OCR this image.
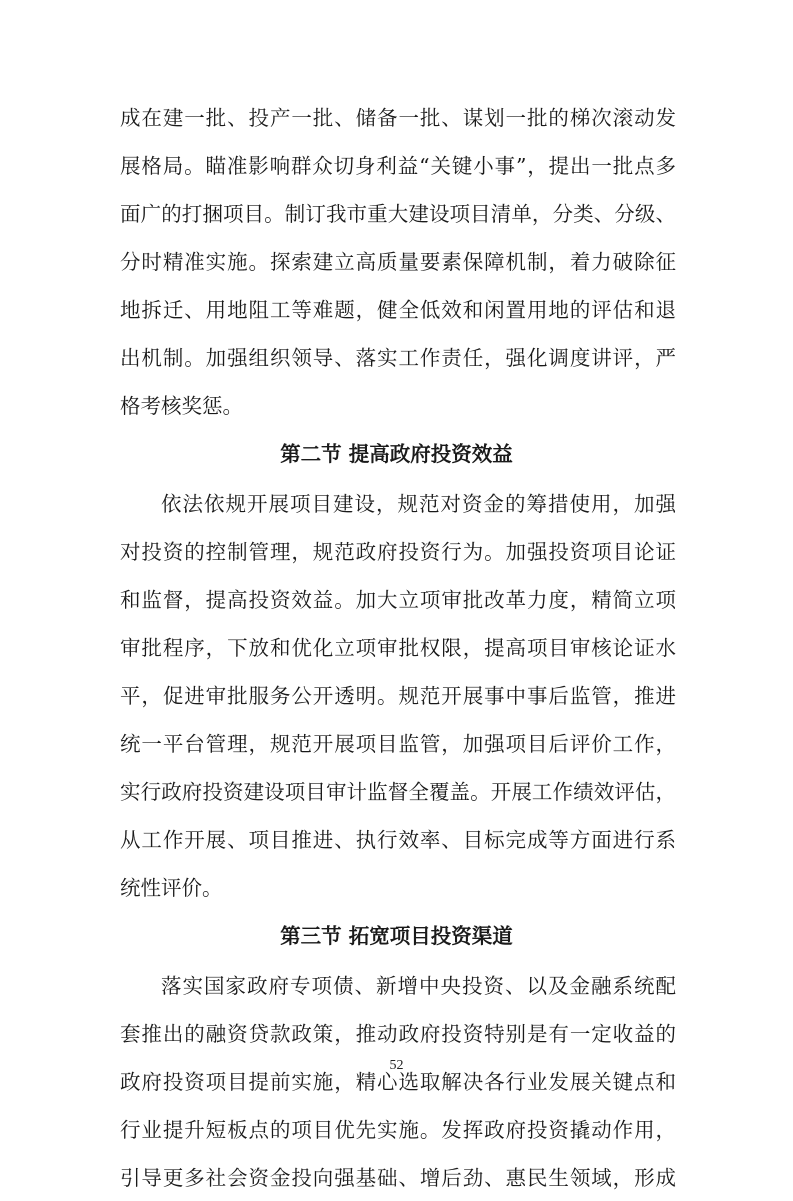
成在建一批、投产一批、储备一批、谋划一批的梯次滚动发
展格局。瞄准影响群众切身利益“关键小事”，提出一批点多
面广的打捆项目。制订我市重大建设项目清单，分类、分级、
分时精准实施。探索建立高质量要素保障机制，着力破除征
地拆迁、用地阻工等难题，健全低效和闲置用地的评估和退
出机制。加强组织领导、落实工作责任，强化调度讲评，严
格考核奖惩。
第二节 提高政府投资效益
依法依规开展项目建设，规范对资金的筹措使用，加强
对投资的控制管理，规范政府投资行为。加强投资项目论证
和监督，提高投资效益。加大立项审批改革力度，精简立项
审批程序，下放和优化立项审批权限，提高项目审核论证水
平，促进审批服务公开透明。规范开展事中事后监管，推进
统一平台管理，规范开展项目监管，加强项目后评价工作，
实行政府投资建设项目审计监督全覆盖。开展工作绩效评估，
从工作开展、项目推进、执行效率、目标完成等方面进行系
统性评价。
第三节 拓宽项目投资渠道
落实国家政府专项债、新增中央投资、以及金融系统配
套推出的融资贷款政策，推动政府投资特别是有一定收益的
政府投资项目提前实施，精心选取解决各行业发展关键点和
行业提升短板点的项目优先实施。发挥政府投资撬动作用，
引导更多社会资金投向强基础、增后劲、惠民生领域，形成
52
